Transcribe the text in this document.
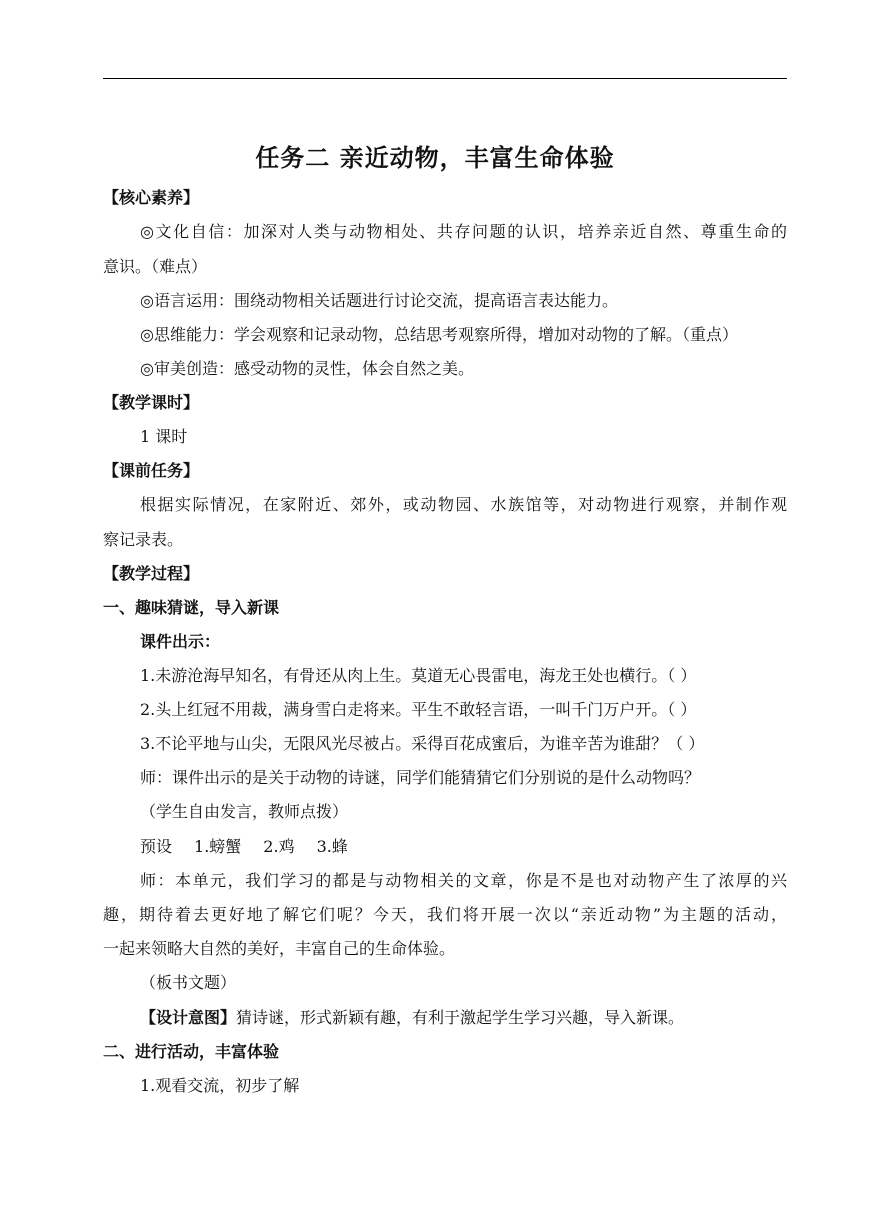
任务二 亲近动物，丰富生命体验
【核心素养】
◎文化自信：加深对人类与动物相处、共存问题的认识，培养亲近自然、尊重生命的
意识。（难点）
◎语言运用：围绕动物相关话题进行讨论交流，提高语言表达能力。
◎思维能力：学会观察和记录动物，总结思考观察所得，增加对动物的了解。（重点）
◎审美创造：感受动物的灵性，体会自然之美。
【教学课时】
1 课时
【课前任务】
根据实际情况，在家附近、郊外，或动物园、水族馆等，对动物进行观察，并制作观
察记录表。
【教学过程】
一、趣味猜谜，导入新课
课件出示：
1.未游沧海早知名，有骨还从肉上生。莫道无心畏雷电，海龙王处也横行。（ ）
2.头上红冠不用裁，满身雪白走将来。平生不敢轻言语，一叫千门万户开。（ ）
3.不论平地与山尖，无限风光尽被占。采得百花成蜜后，为谁辛苦为谁甜？（ ）
师：课件出示的是关于动物的诗谜，同学们能猜猜它们分别说的是什么动物吗？
（学生自由发言，教师点拨）
预设 1.螃蟹 2.鸡 3.蜂
师：本单元，我们学习的都是与动物相关的文章，你是不是也对动物产生了浓厚的兴
趣，期待着去更好地了解它们呢？今天，我们将开展一次以“亲近动物”为主题的活动，
一起来领略大自然的美好，丰富自己的生命体验。
（板书文题）
【设计意图】猜诗谜，形式新颖有趣，有利于激起学生学习兴趣，导入新课。
二、进行活动，丰富体验
1.观看交流，初步了解
